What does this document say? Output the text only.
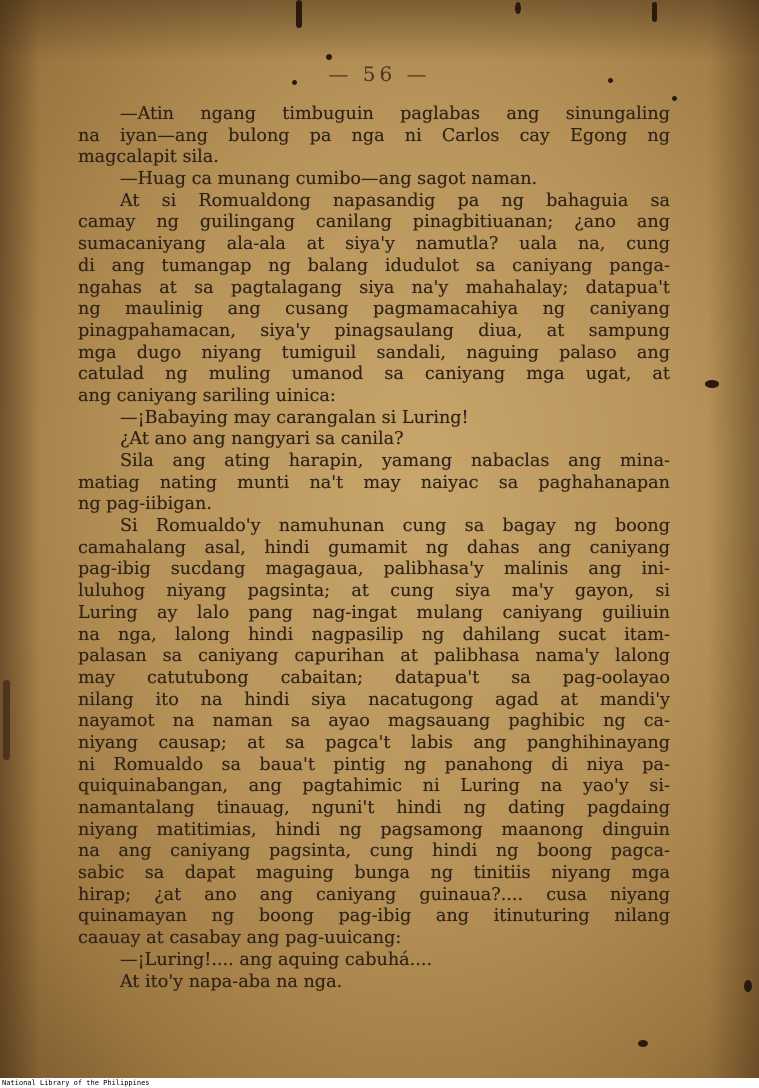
— 56 —
—Atin ngang timbuguin paglabas ang sinungaling
na iyan—ang bulong pa nga ni Carlos cay Egong ng
magcalapit sila.
—Huag ca munang cumibo—ang sagot naman.
At si Romualdong napasandig pa ng bahaguia sa
camay ng guilingang canilang pinagbitiuanan; ¿ano ang
sumacaniyang ala-ala at siya'y namutla? uala na, cung
di ang tumangap ng balang idudulot sa caniyang panga-
ngahas at sa pagtalagang siya na'y mahahalay; datapua't
ng maulinig ang cusang pagmamacahiya ng caniyang
pinagpahamacan, siya'y pinagsaulang diua, at sampung
mga dugo niyang tumiguil sandali, naguing palaso ang
catulad ng muling umanod sa caniyang mga ugat, at
ang caniyang sariling uinica:
—¡Babaying may carangalan si Luring!
¿At ano ang nangyari sa canila?
Sila ang ating harapin, yamang nabaclas ang mina-
matiag nating munti na't may naiyac sa paghahanapan
ng pag-iibigan.
Si Romualdo'y namuhunan cung sa bagay ng boong
camahalang asal, hindi gumamit ng dahas ang caniyang
pag-ibig sucdang magagaua, palibhasa'y malinis ang ini-
luluhog niyang pagsinta; at cung siya ma'y gayon, si
Luring ay lalo pang nag-ingat mulang caniyang guiliuin
na nga, lalong hindi nagpasilip ng dahilang sucat itam-
palasan sa caniyang capurihan at palibhasa nama'y lalong
may catutubong cabaitan; datapua't sa pag-oolayao
nilang ito na hindi siya nacatugong agad at mandi'y
nayamot na naman sa ayao magsauang paghibic ng ca-
niyang causap; at sa pagca't labis ang panghihinayang
ni Romualdo sa baua't pintig ng panahong di niya pa-
quiquinabangan, ang pagtahimic ni Luring na yao'y si-
namantalang tinauag, nguni't hindi ng dating pagdaing
niyang matitimias, hindi ng pagsamong maanong dinguin
na ang caniyang pagsinta, cung hindi ng boong pagca-
sabic sa dapat maguing bunga ng tinitiis niyang mga
hirap; ¿at ano ang caniyang guinaua?.... cusa niyang
quinamayan ng boong pag-ibig ang itinuturing nilang
caauay at casabay ang pag-uuicang:
—¡Luring!.... ang aquing cabuhá....
At ito'y napa-aba na nga.
National Library of the Philippines
